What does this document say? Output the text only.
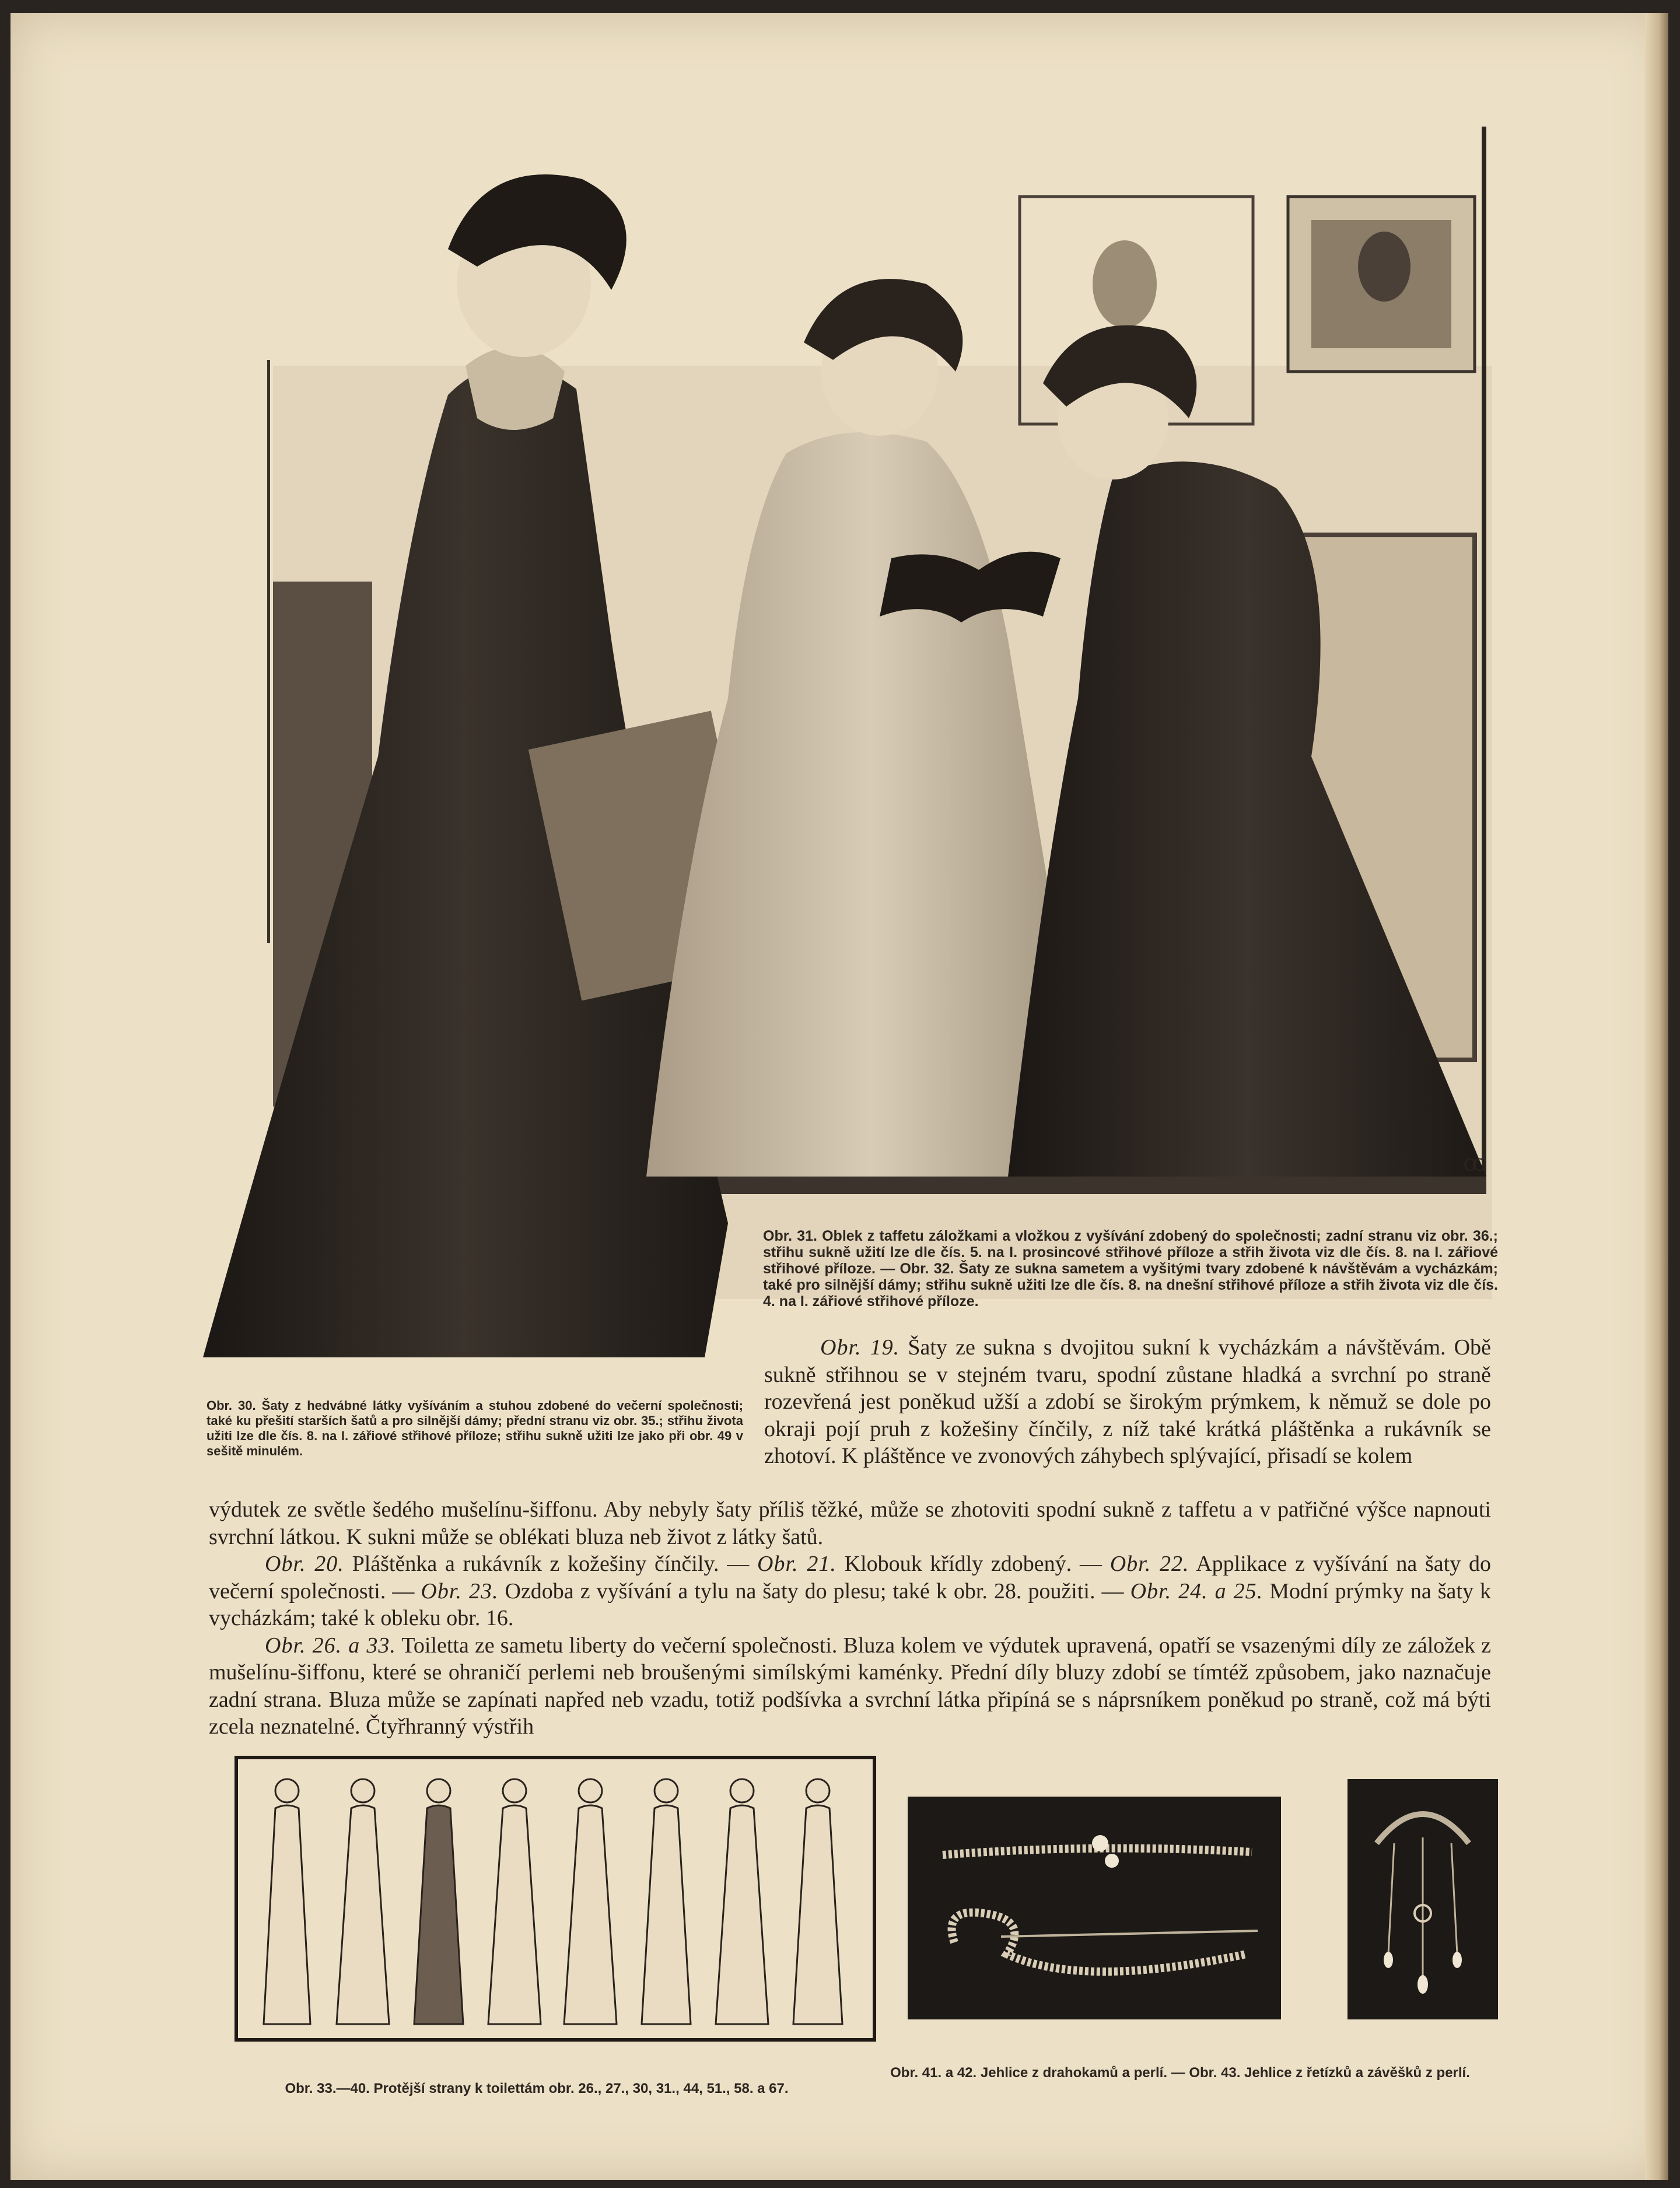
ꝏ
Obr. 31. Oblek z taffetu záložkami a vložkou z vyšívání zdobený do společnosti; zadní stranu viz obr. 36.; střihu sukně užití lze dle čís. 5. na I. prosincové střihové příloze a střih života viz dle čís. 8. na I. zářiové střihové příloze. — Obr. 32. Šaty ze sukna sametem a vyšitými tvary zdobené k návštěvám a vycházkám; také pro silnější dámy; střihu sukně užiti lze dle čís. 8. na dnešní střihové příloze a střih života viz dle čís. 4. na I. zářiové střihové příloze.
Obr. 30. Šaty z hedvábné látky vyšíváním a stuhou zdobené do večerní společnosti; také ku přešití starších šatů a pro silnější dámy; přední stranu viz obr. 35.; střihu života užiti lze dle čís. 8. na I. zářiové střihové příloze; střihu sukně užiti lze jako při obr. 49 v sešitě minulém.

Obr. 19. Šaty ze sukna s dvojitou sukní k vycházkám a návštěvám. Obě sukně střihnou se v stejném tvaru, spodní zůstane hladká a svrchní po straně rozevřená jest poněkud užší a zdobí se širokým prýmkem, k němuž se dole po okraji pojí pruh z kožešiny čínčily, z níž také krátká pláštěnka a rukávník se zhotoví. K pláštěnce ve zvonových záhybech splývající, přisadí se kolem

výdutek ze světle šedého mušelínu-šiffonu. Aby nebyly šaty příliš těžké, může se zhotoviti spodní sukně z taffetu a v patřičné výšce napnouti svrchní látkou. K sukni může se oblékati bluza neb život z látky šatů.

Obr. 20. Pláštěnka a rukávník z kožešiny čínčily. — Obr. 21. Klobouk křídly zdobený. — Obr. 22. Applikace z vyšívání na šaty do večerní společnosti. — Obr. 23. Ozdoba z vyšívání a tylu na šaty do plesu; také k obr. 28. použiti. — Obr. 24. a 25. Modní prýmky na šaty k vycházkám; také k obleku obr. 16.

Obr. 26. a 33. Toiletta ze sametu liberty do večerní společnosti. Bluza kolem ve výdutek upravená, opatří se vsazenými díly ze záložek z mušelínu-šiffonu, které se ohraničí perlemi neb broušenými simílskými kaménky. Přední díly bluzy zdobí se tímtéž způsobem, jako naznačuje zadní strana. Bluza může se zapínati napřed neb vzadu, totiž podšívka a svrchní látka připíná se s náprsníkem poněkud po straně, což má býti zcela neznatelné. Čtyřhranný výstřih

Obr. 33.—40. Protější strany k toilettám obr. 26., 27., 30, 31., 44, 51., 58. a 67.
Obr. 41. a 42. Jehlice z drahokamů a perlí. — Obr. 43. Jehlice z řetízků a závěšků z perlí.
